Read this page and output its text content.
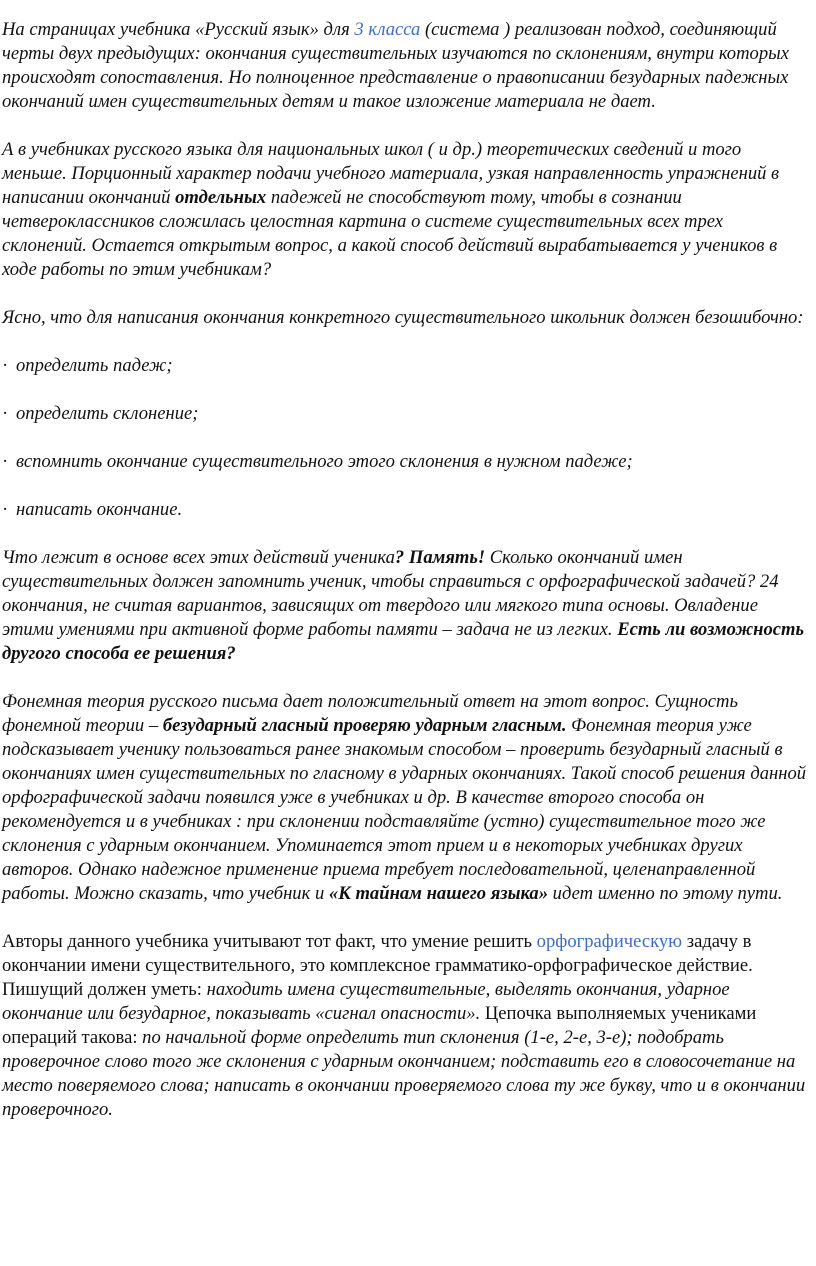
На страницах учебника «Русский язык» для 3 класса (система ) реализован подход, соединяющий черты двух предыдущих: окончания существительных изучаются по склонениям, внутри которых происходят сопоставления. Но полноценное представление о правописании безударных падежных окончаний имен существительных детям и такое изложение материала не дает.

А в учебниках русского языка для национальных школ ( и др.) теоретических сведений и того меньше. Порционный характер подачи учебного материала, узкая направленность упражнений в написании окончаний отдельных падежей не способствуют тому, чтобы в сознании четвероклассников сложилась целостная картина о системе существительных всех трех склонений. Остается открытым вопрос, а какой способ действий вырабатывается у учеников в ходе работы по этим учебникам?

Ясно, что для написания окончания конкретного существительного школьник должен безошибочно:

· определить падеж;
· определить склонение;
· вспомнить окончание существительного этого склонения в нужном падеже;
· написать окончание.

Что лежит в основе всех этих действий ученика? Память! Сколько окончаний имен существительных должен запомнить ученик, чтобы справиться с орфографической задачей? 24 окончания, не считая вариантов, зависящих от твердого или мягкого типа основы. Овладение этими умениями при активной форме работы памяти – задача не из легких. Есть ли возможность другого способа ее решения?

Фонемная теория русского письма дает положительный ответ на этот вопрос. Сущность фонемной теории – безударный гласный проверяю ударным гласным. Фонемная теория уже подсказывает ученику пользоваться ранее знакомым способом – проверить безударный гласный в окончаниях имен существительных по гласному в ударных окончаниях. Такой способ решения данной орфографической задачи появился уже в учебниках и др. В качестве второго способа он рекомендуется и в учебниках : при склонении подставляйте (устно) существительное того же склонения с ударным окончанием. Упоминается этот прием и в некоторых учебниках других авторов. Однако надежное применение приема требует последовательной, целенаправленной работы. Можно сказать, что учебник и «К тайнам нашего языка» идет именно по этому пути.

Авторы данного учебника учитывают тот факт, что умение решить орфографическую задачу в окончании имени существительного, это комплексное грамматико-орфографическое действие. Пишущий должен уметь: находить имена существительные, выделять окончания, ударное окончание или безударное, показывать «сигнал опасности». Цепочка выполняемых учениками операций такова: по начальной форме определить тип склонения (1-е, 2-е, 3-е); подобрать проверочное слово того же склонения с ударным окончанием; подставить его в словосочетание на место поверяемого слова; написать в окончании проверяемого слова ту же букву, что и в окончании проверочного.
